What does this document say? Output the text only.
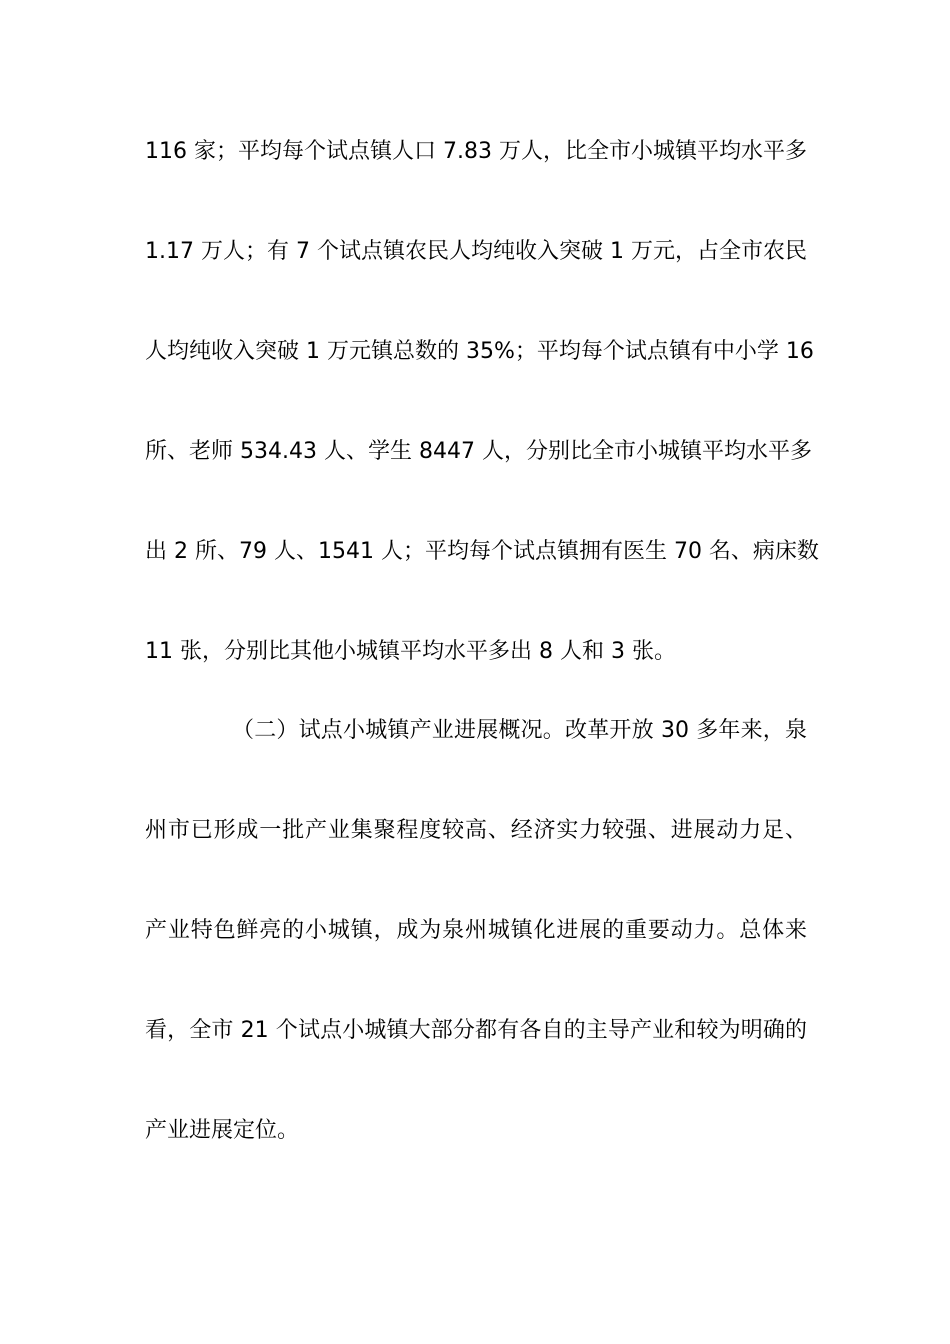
116 家；平均每个试点镇人口 7.83 万人，比全市小城镇平均水平多
1.17 万人；有 7 个试点镇农民人均纯收入突破 1 万元，占全市农民
人均纯收入突破 1 万元镇总数的 35%；平均每个试点镇有中小学 16
所、老师 534.43 人、学生 8447 人，分别比全市小城镇平均水平多
出 2 所、79 人、1541 人；平均每个试点镇拥有医生 70 名、病床数
11 张，分别比其他小城镇平均水平多出 8 人和 3 张。
（二）试点小城镇产业进展概况。改革开放 30 多年来，泉
州市已形成一批产业集聚程度较高、经济实力较强、进展动力足、
产业特色鲜亮的小城镇，成为泉州城镇化进展的重要动力。总体来
看，全市 21 个试点小城镇大部分都有各自的主导产业和较为明确的
产业进展定位。
